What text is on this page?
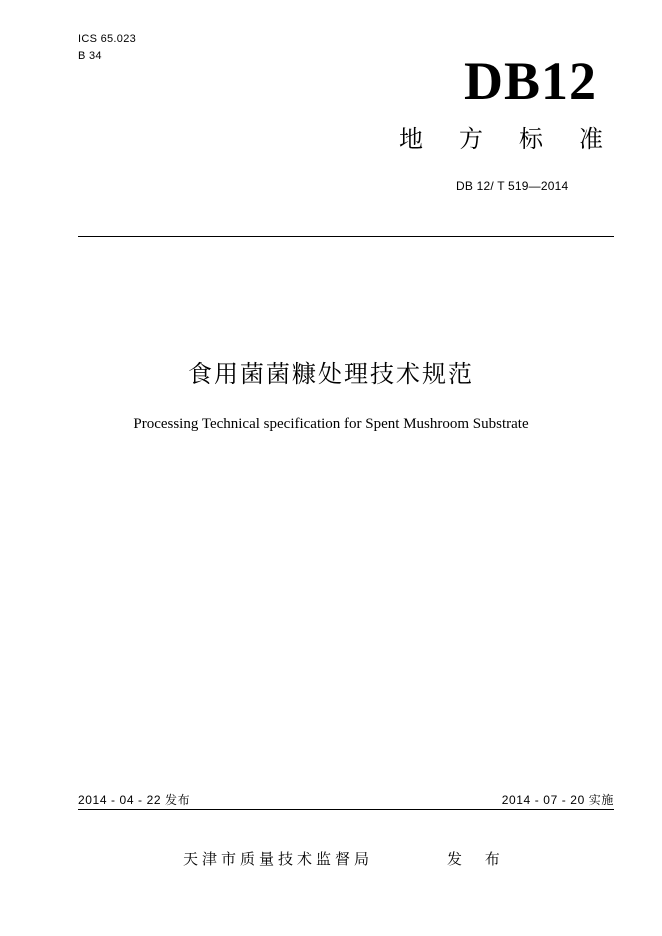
ICS 65.023
B 34	DB12
地方标准
DB 12/ T 519—2014
食用菌菌糠处理技术规范
Processing Technical specification for Spent Mushroom Substrate
2014 - 04 - 22 发布	2014 - 07 - 20 实施
天津市质量技术监督局	发 布
